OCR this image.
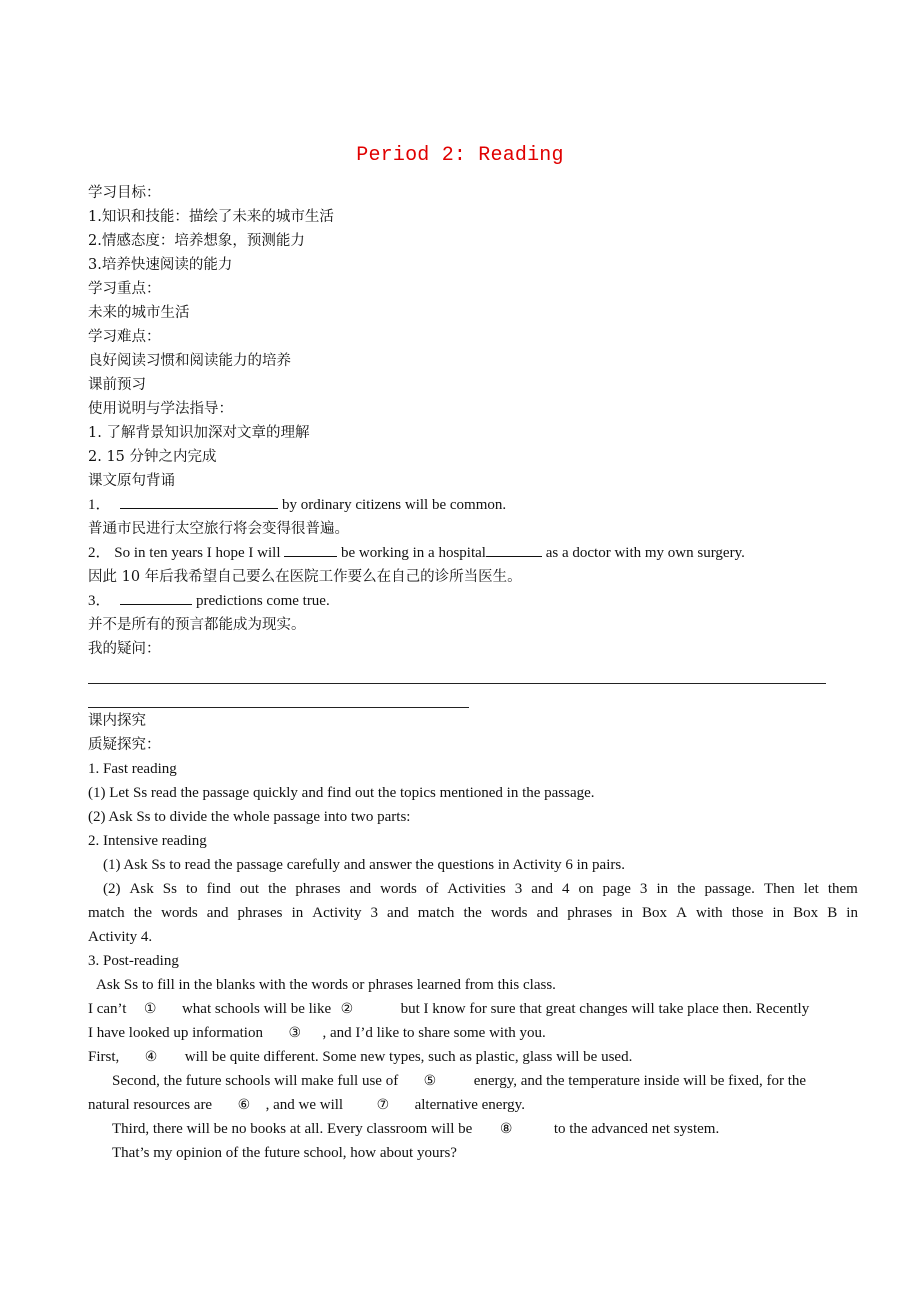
Period 2: Reading
学习目标：
1.知识和技能：描绘了未来的城市生活
2.情感态度：培养想象，预测能力
3.培养快速阅读的能力
学习重点：
未来的城市生活
学习难点：
良好阅读习惯和阅读能力的培养
课前预习
使用说明与学法指导：
1. 了解背景知识加深对文章的理解
2. 15 分钟之内完成
课文原句背诵
1．	by ordinary citizens will be common.
普通市民进行太空旅行将会变得很普遍。
2． So in ten years I hope I will	be working in a hospital	as a doctor with my own surgery.
因此 10 年后我希望自己要么在医院工作要么在自己的诊所当医生。
3．	predictions come true.
并不是所有的预言都能成为现实。
我的疑问：
课内探究
质疑探究：
1. Fast reading
(1) Let Ss read the passage quickly and find out the topics mentioned in the passage.
(2) Ask Ss to divide the whole passage into two parts:
2. Intensive reading
(1) Ask Ss to read the passage carefully and answer the questions in Activity 6 in pairs.
(2) Ask Ss to find out the phrases and words of Activities 3 and 4 on page 3 in the passage. Then let them
match the words and phrases in Activity 3 and match the words and phrases in Box A with those in Box B in
Activity 4.
3. Post-reading
Ask Ss to fill in the blanks with the words or phrases learned from this class.
I can’t ① what schools will be like ②	but I know for sure that great changes will take place then. Recently
I have looked up information ③ , and I’d like to share some with you.
First, ④ will be quite different. Some new types, such as plastic, glass will be used.
Second, the future schools will make full use of ⑤ energy, and the temperature inside will be fixed, for the
natural resources are ⑥ , and we will ⑦ alternative energy.
Third, there will be no books at all. Every classroom will be ⑧	to the advanced net system.
That’s my opinion of the future school, how about yours?
